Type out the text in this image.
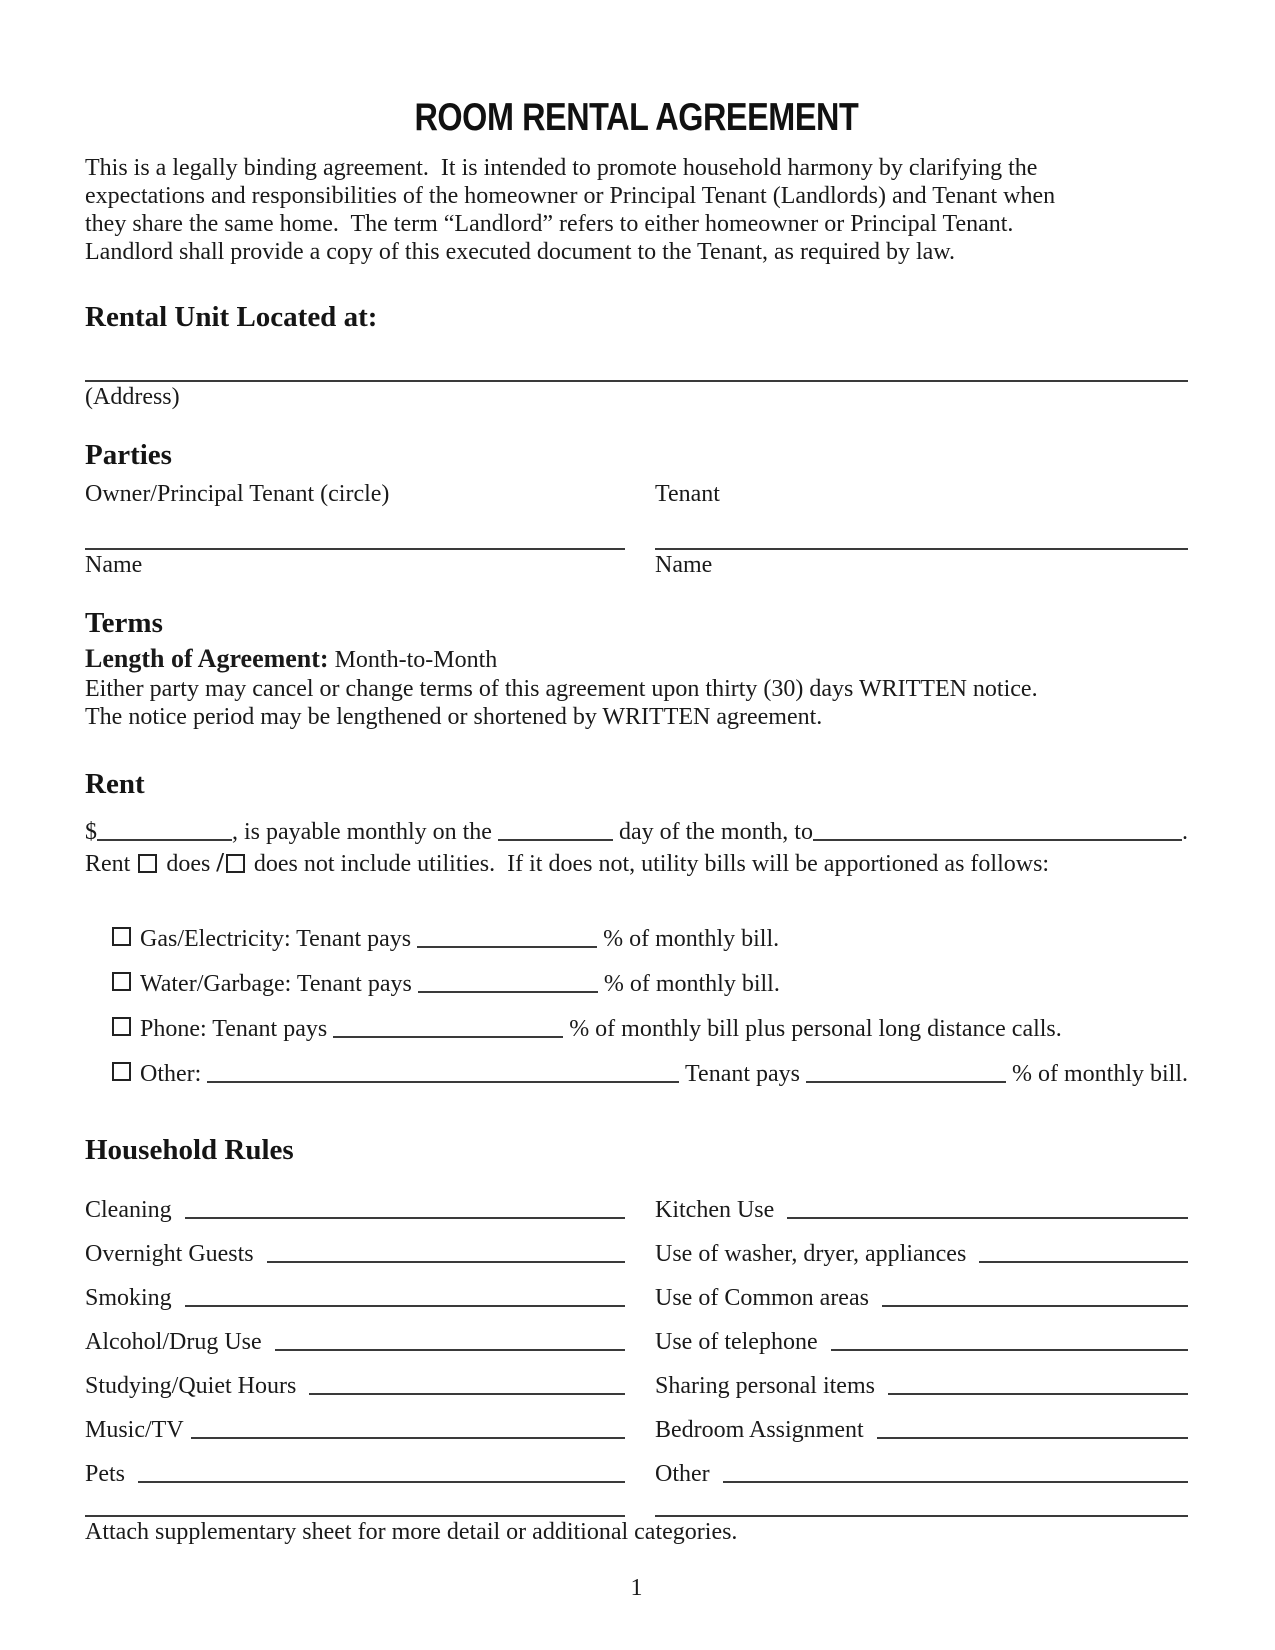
ROOM RENTAL AGREEMENT
This is a legally binding agreement.  It is intended to promote household harmony by clarifying the
expectations and responsibilities of the homeowner or Principal Tenant (Landlords) and Tenant when
they share the same home.  The term “Landlord” refers to either homeowner or Principal Tenant.
Landlord shall provide a copy of this executed document to the Tenant, as required by law.
Rental Unit Located at:
(Address)
Parties
Owner/Principal Tenant (circle)	Tenant
Name	Name
Terms
Length of Agreement: Month-to-Month
Either party may cancel or change terms of this agreement upon thirty (30) days WRITTEN notice.
The notice period may be lengthened or shortened by WRITTEN agreement.
Rent
$	, is payable monthly on the	day of the month, to	.
Rent does / does not include utilities.  If it does not, utility bills will be apportioned as follows:
Gas/Electricity: Tenant pays	% of monthly bill.
Water/Garbage: Tenant pays	% of monthly bill.
Phone: Tenant pays	% of monthly bill plus personal long distance calls.
Other:	Tenant pays	% of monthly bill.
Household Rules
Cleaning	Kitchen Use
Overnight Guests	Use of washer, dryer, appliances
Smoking	Use of Common areas
Alcohol/Drug Use	Use of telephone
Studying/Quiet Hours	Sharing personal items
Music/TV	Bedroom Assignment
Pets	Other
Attach supplementary sheet for more detail or additional categories.
1
